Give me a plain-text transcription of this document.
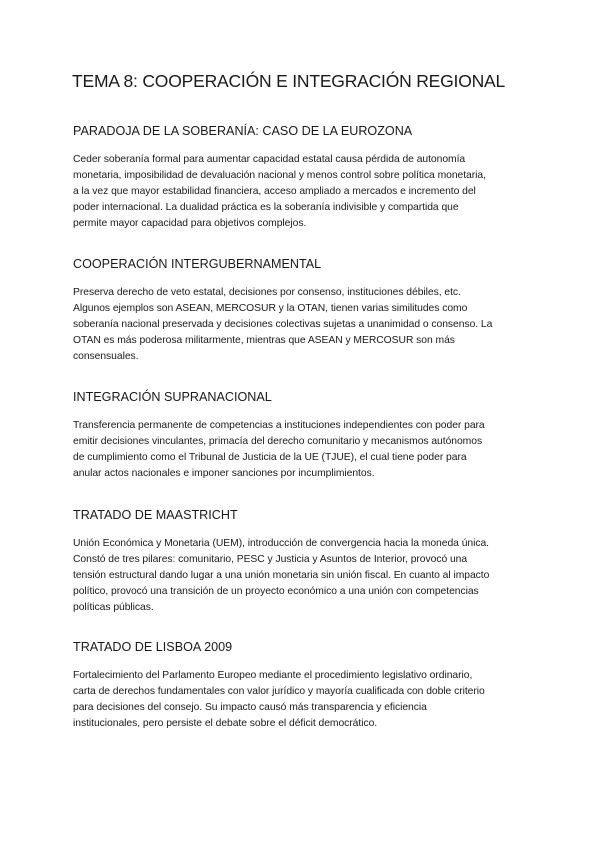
TEMA 8: COOPERACIÓN E INTEGRACIÓN REGIONAL
PARADOJA DE LA SOBERANÍA: CASO DE LA EUROZONA
Ceder soberanía formal para aumentar capacidad estatal causa pérdida de autonomía
monetaria, imposibilidad de devaluación nacional y menos control sobre política monetaria,
a la vez que mayor estabilidad financiera, acceso ampliado a mercados e incremento del
poder internacional. La dualidad práctica es la soberanía indivisible y compartida que
permite mayor capacidad para objetivos complejos.
COOPERACIÓN INTERGUBERNAMENTAL
Preserva derecho de veto estatal, decisiones por consenso, instituciones débiles, etc.
Algunos ejemplos son ASEAN, MERCOSUR y la OTAN, tienen varias similitudes como
soberanía nacional preservada y decisiones colectivas sujetas a unanimidad o consenso. La
OTAN es más poderosa militarmente, mientras que ASEAN y MERCOSUR son más
consensuales.
INTEGRACIÓN SUPRANACIONAL
Transferencia permanente de competencias a instituciones independientes con poder para
emitir decisiones vinculantes, primacía del derecho comunitario y mecanismos autónomos
de cumplimiento como el Tribunal de Justicia de la UE (TJUE), el cual tiene poder para
anular actos nacionales e imponer sanciones por incumplimientos.
TRATADO DE MAASTRICHT
Unión Económica y Monetaria (UEM), introducción de convergencia hacia la moneda única.
Constó de tres pilares: comunitario, PESC y Justicia y Asuntos de Interior, provocó una
tensión estructural dando lugar a una unión monetaria sin unión fiscal. En cuanto al impacto
político, provocó una transición de un proyecto económico a una unión con competencias
políticas públicas.
TRATADO DE LISBOA 2009
Fortalecimiento del Parlamento Europeo mediante el procedimiento legislativo ordinario,
carta de derechos fundamentales con valor jurídico y mayoría cualificada con doble criterio
para decisiones del consejo. Su impacto causó más transparencia y eficiencia
institucionales, pero persiste el debate sobre el déficit democrático.
